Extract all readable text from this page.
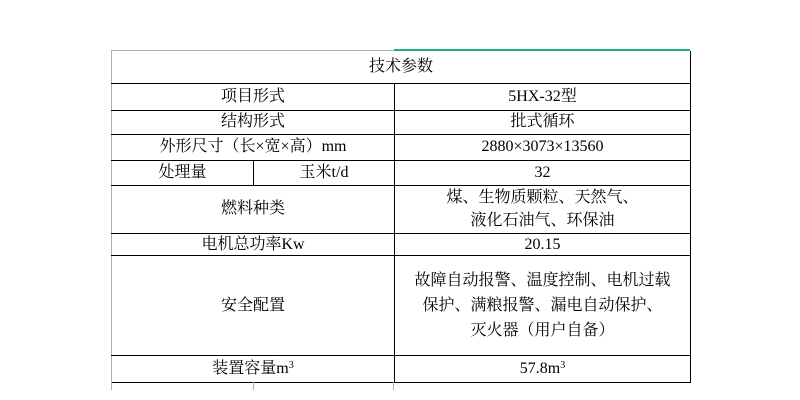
技术参数		
项目形式		5HX-32型
结构形式		批式循环
外形尺寸（长×宽×高）mm		2880×3073×13560
处理量	玉米t/d	32
燃料种类		煤、生物质颗粒、天然气、
液化石油气、环保油

电机总功率Kw		20.15
安全配置		故障自动报警、温度控制、电机过载
保护、满粮报警、漏电自动保护、
灭火器（用户自备）

装置容量$m^3$		$57.8m^3$
